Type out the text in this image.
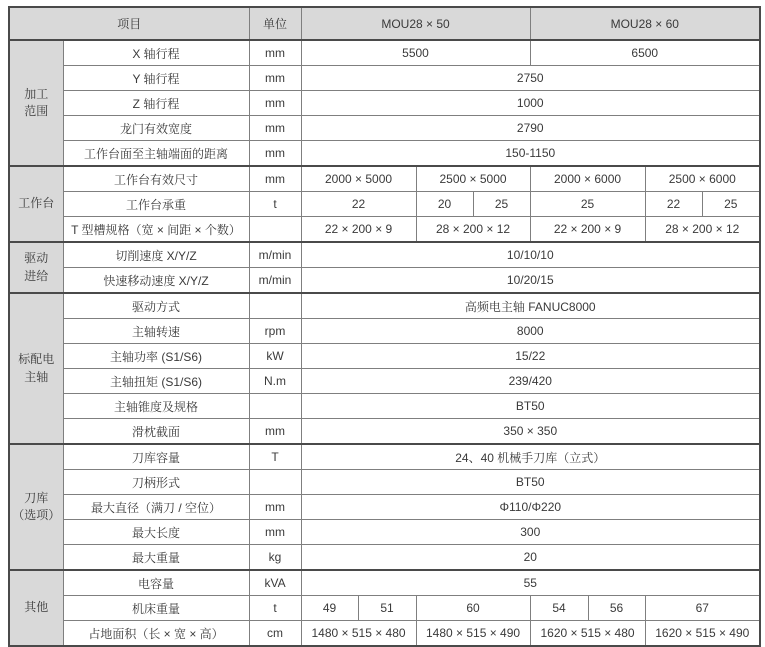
项目		单位	MOU28 × 50				MOU28 × 60			
加工
范围	X 轴行程	mm	5500				6500			
	Y 轴行程	mm	2750							
	Z 轴行程	mm	1000							
	龙门有效宽度	mm	2790							
	工作台面至主轴端面的距离	mm	150-1150							
工作台	工作台有效尺寸	mm	2000 × 5000		2500 × 5000		2000 × 6000		2500 × 6000	
	工作台承重	t	22		20	25	25		22	25
	T 型槽规格（宽 × 间距 × 个数）		22 × 200 × 9		28 × 200 × 12		22 × 200 × 9		28 × 200 × 12	
驱动
进给	切削速度 X/Y/Z	m/min	10/10/10							
	快速移动速度 X/Y/Z	m/min	10/20/15							
标配电
主轴	驱动方式		高频电主轴 FANUC8000							
	主轴转速	rpm	8000							
	主轴功率 (S1/S6)	kW	15/22							
	主轴扭矩 (S1/S6)	N.m	239/420							
	主轴锥度及规格		BT50							
	滑枕截面	mm	350 × 350							
刀库
（选项）	刀库容量	T	24、40 机械手刀库（立式）							
	刀柄形式		BT50							
	最大直径（满刀 / 空位）	mm	Φ110/Φ220							
	最大长度	mm	300							
	最大重量	kg	20							
其他	电容量	kVA	55							
	机床重量	t	49	51	60		54	56	67	
	占地面积（长 × 宽 × 高）	cm	1480 × 515 × 480		1480 × 515 × 490		1620 × 515 × 480		1620 × 515 × 490	
